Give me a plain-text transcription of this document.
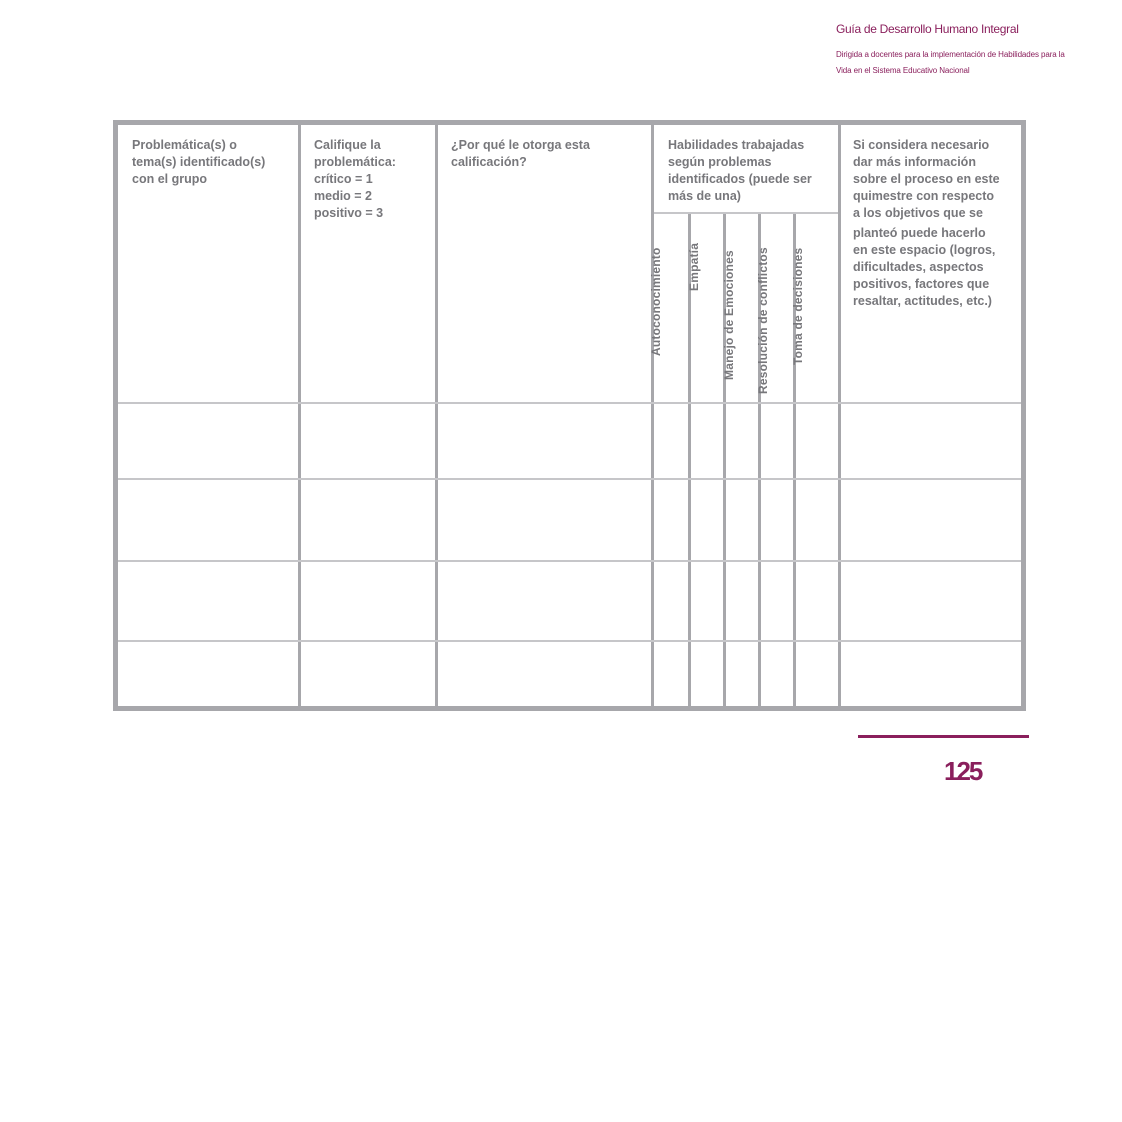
Guía de Desarrollo Humano Integral
Dirigida a docentes para la implementación de Habilidades para la
Vida en el Sistema Educativo Nacional
Problemática(s) o
tema(s) identificado(s)
con el grupo
Califique la
problemática:
crítico = 1
medio = 2
positivo = 3
¿Por qué le otorga esta
calificación?
Habilidades trabajadas
según problemas
identificados (puede ser
más de una)
Si considera necesario
dar más información
sobre el proceso en este
quimestre con respecto
a los objetivos que se
planteó puede hacerlo
en este espacio (logros,
dificultades, aspectos
positivos, factores que
resaltar, actitudes, etc.)
Autoconocimiento Empatía Manejo de Emociones Resolución de conflictos Toma de decisiones
125
